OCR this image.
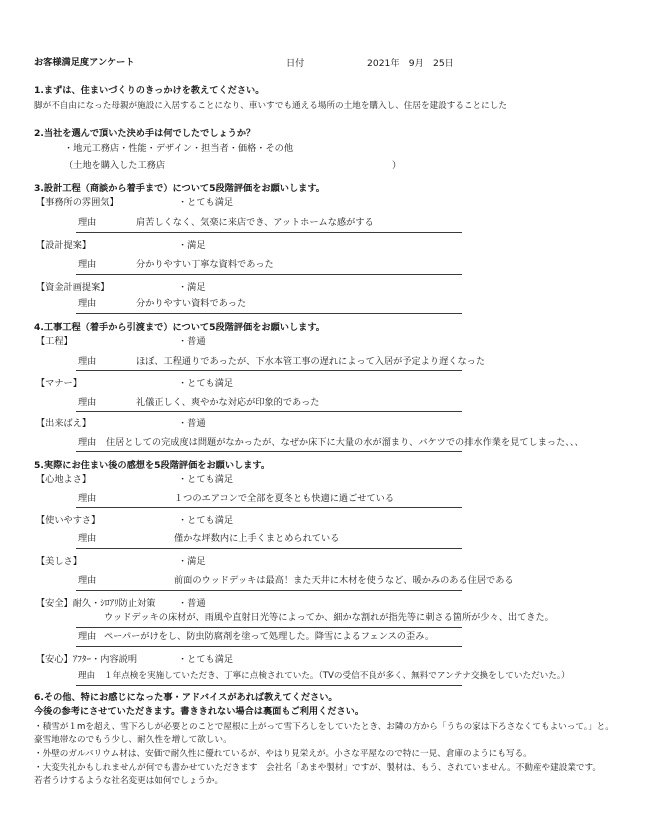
お客様満足度アンケート	日付	2021年　9月　25日
1.まずは、住まいづくりのきっかけを教えてください。
脚が不自由になった母親が施設に入居することになり、車いすでも通える場所の土地を購入し、住居を建設することにした
2.当社を選んで頂いた決め手は何でしたでしょうか？
・地元工務店・性能・デザイン・担当者・価格・その他
（土地を購入した工務店	）
3.設計工程（商談から着手まで）について5段階評価をお願いします。
【事務所の雰囲気】	・とても満足
理由	肩苦しくなく、気楽に来店でき、アットホームな感がする
【設計提案】	・満足
理由	分かりやすい丁寧な資料であった
【資金計画提案】	・満足
理由	分かりやすい資料であった
4.工事工程（着手から引渡まで）について5段階評価をお願いします。
【工程】	・普通
理由	ほぼ、工程通りであったが、下水本管工事の遅れによって入居が予定より遅くなった
【マナー】	・とても満足
理由	礼儀正しく、爽やかな対応が印象的であった
【出来ばえ】	・普通
理由 住居としての完成度は問題がなかったが、なぜか床下に大量の水が溜まり、バケツでの排水作業を見てしまった、、、
5.実際にお住まい後の感想を5段階評価をお願いします。
【心地よさ】	・とても満足
理由	１つのエアコンで全部を夏冬とも快適に過ごせている
【使いやすさ】	・とても満足
理由	僅かな坪数内に上手くまとめられている
【美しさ】	・満足
理由	前面のウッドデッキは最高！また天井に木材を使うなど、暖かみのある住居である
【安全】耐久・ｼﾛｱﾘ防止対策 ・普通
ウッドデッキの床材が、雨風や直射日光等によってか、細かな割れが指先等に刺さる箇所が少々、出てきた。
理由 ペーパーがけをし、防虫防腐剤を塗って処理した。降雪によるフェンスの歪み。
【安心】ｱﾌﾀｰ・内容説明	・とても満足
理由 １年点検を実施していただき、丁寧に点検されていた。（TVの受信不良が多く、無料でアンテナ交換をしていただいた。）
6.その他、特にお感じになった事・アドバイスがあれば教えてください。
今後の参考にさせていただきます。書ききれない場合は裏面もご利用ください。
・積雪が１mを超え、雪下ろしが必要とのことで屋根に上がって雪下ろしをしていたとき、お隣の方から「うちの家は下ろさなくてもよいって。」と。
豪雪地帯なのでもう少し、耐久性を増して欲しい。
・外壁のガルバリウム材は、安価で耐久性に優れているが、やはり見栄えが。小さな平屋なので特に一見、倉庫のようにも写る。
・大変失礼かもしれませんが何でも書かせていただきます　会社名「あまや製材」ですが、製材は、もう、されていません。不動産や建設業です。
若者うけするような社名変更は如何でしょうか。
